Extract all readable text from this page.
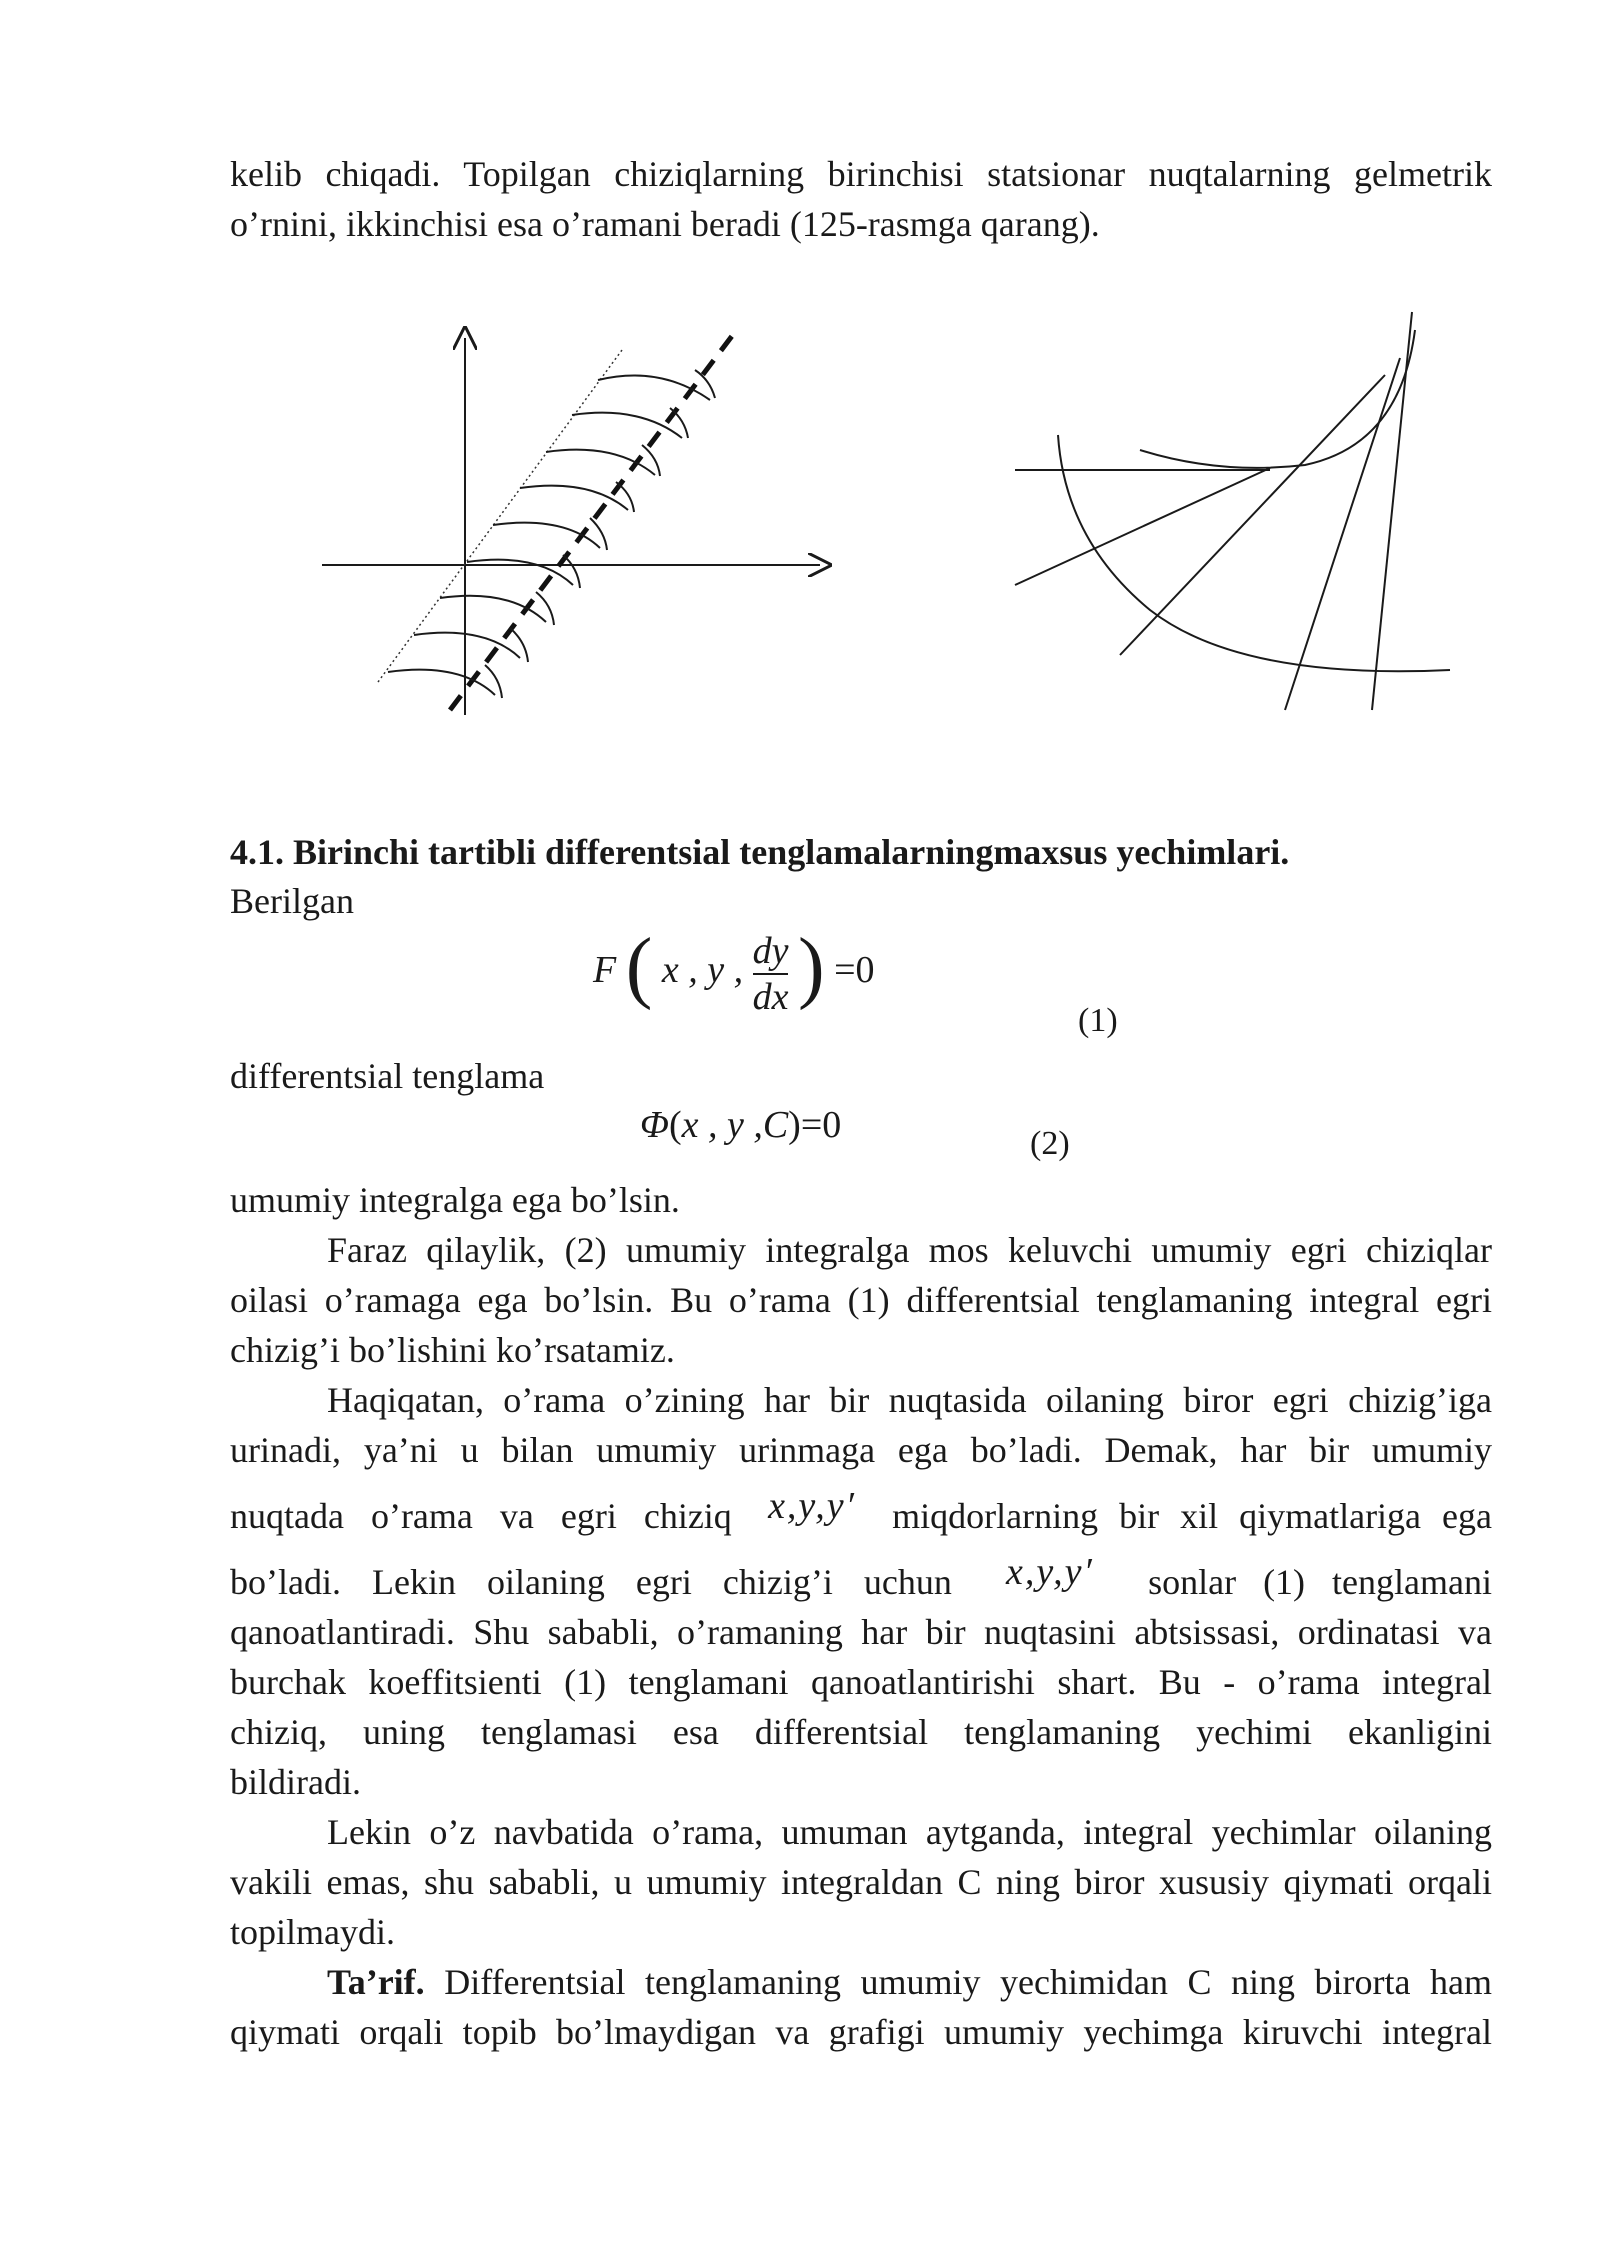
kelib chiqadi. Topilgan chiziqlarning birinchisi statsionar nuqtalarning gelmetrik
o’rnini, ikkinchisi esa o’ramani beradi (125-rasmga qarang).
4.1. Birinchi tartibli differentsial tenglamalarningmaxsus yechimlari.
Berilgan
F ( x , y , $\frac{dy}{dx}$ ) =0
(1)
differentsial tenglama
Φ(x , y ,C)=0	(2)
umumiy integralga ega bo’lsin.
Faraz qilaylik, (2) umumiy integralga mos keluvchi umumiy egri chiziqlar
oilasi o’ramaga ega bo’lsin. Bu o’rama (1) differentsial tenglamaning integral egri
chizig’i bo’lishini ko’rsatamiz.
Haqiqatan, o’rama o’zining har bir nuqtasida oilaning biror egri chizig’iga
urinadi, ya’ni u bilan umumiy urinmaga ega bo’ladi. Demak, har bir umumiy
nuqtada o’rama va egri chiziq x,y,y′ miqdorlarning bir xil qiymatlariga ega
bo’ladi. Lekin oilaning egri chizig’i uchun x,y,y′ sonlar (1) tenglamani
qanoatlantiradi. Shu sababli, o’ramaning har bir nuqtasini abtsissasi, ordinatasi va
burchak koeffitsienti (1) tenglamani qanoatlantirishi shart. Bu - o’rama integral
chiziq, uning tenglamasi esa differentsial tenglamaning yechimi ekanligini
bildiradi.
Lekin o’z navbatida o’rama, umuman aytganda, integral yechimlar oilaning
vakili emas, shu sababli, u umumiy integraldan C ning biror xususiy qiymati orqali
topilmaydi.
Ta’rif. Differentsial tenglamaning umumiy yechimidan C ning birorta ham
qiymati orqali topib bo’lmaydigan va grafigi umumiy yechimga kiruvchi integral
